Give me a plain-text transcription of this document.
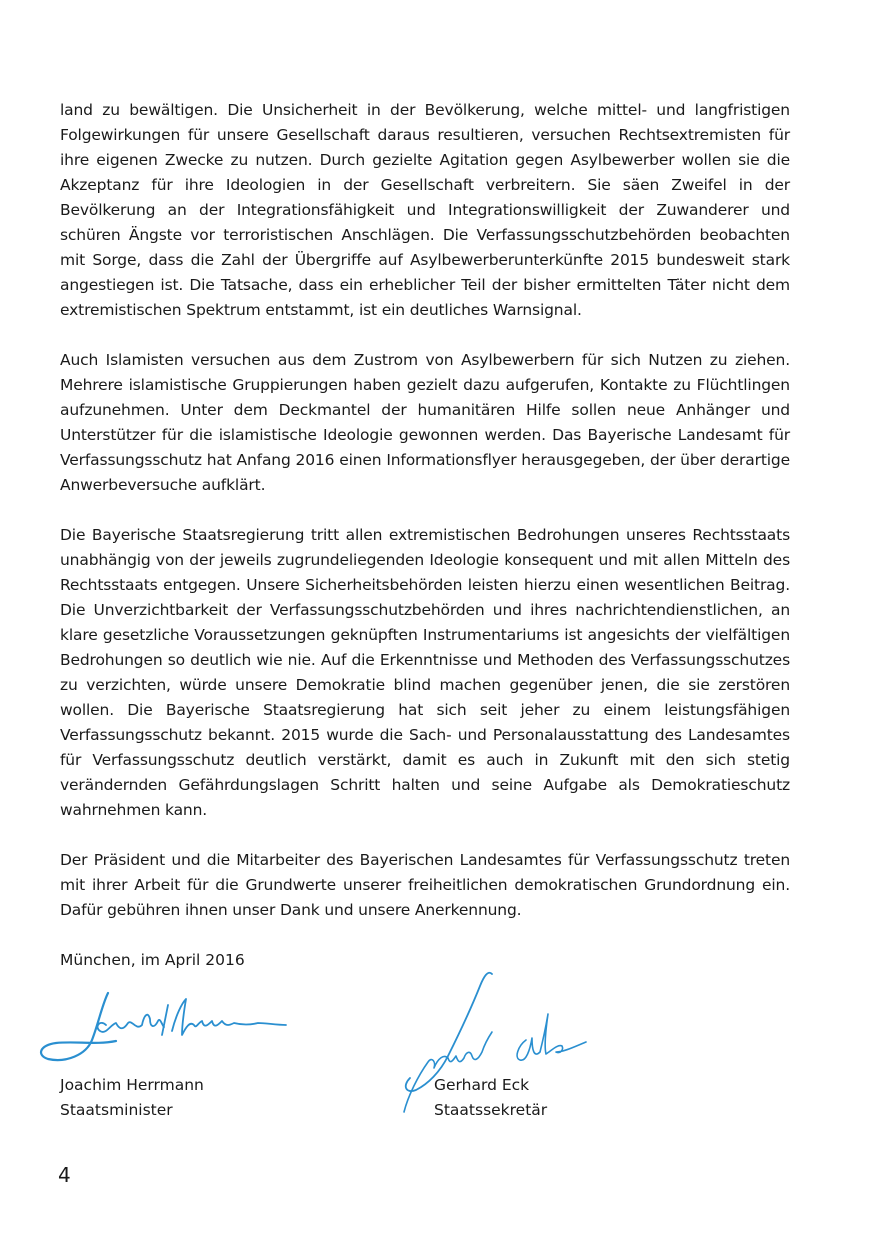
land zu bewältigen. Die Unsicherheit in der Bevölkerung, welche mittel- und langfristigen Folgewirkungen für unsere Gesellschaft daraus resultieren, versuchen Rechtsextremisten für ihre eigenen Zwecke zu nutzen. Durch gezielte Agitation gegen Asylbewerber wollen sie die Akzeptanz für ihre Ideologien in der Gesellschaft verbreitern. Sie säen Zweifel in der Bevölkerung an der Integrationsfähigkeit und Integrationswilligkeit der Zuwanderer und schüren Ängste vor terroristischen Anschlägen. Die Verfassungsschutzbehörden beobachten mit Sorge, dass die Zahl der Übergriffe auf Asylbewerberunterkünfte 2015 bundesweit stark angestiegen ist. Die Tatsache, dass ein erheblicher Teil der bisher ermittelten Täter nicht dem extremistischen Spektrum entstammt, ist ein deutliches Warnsignal.

Auch Islamisten versuchen aus dem Zustrom von Asylbewerbern für sich Nutzen zu ziehen. Mehrere islamistische Gruppierungen haben gezielt dazu aufgerufen, Kontakte zu Flüchtlingen aufzunehmen. Unter dem Deckmantel der humanitären Hilfe sollen neue Anhänger und Unterstützer für die islamistische Ideologie gewonnen werden. Das Bayerische Landesamt für Verfassungsschutz hat Anfang 2016 einen Informationsflyer herausgegeben, der über derartige Anwerbeversuche aufklärt.

Die Bayerische Staatsregierung tritt allen extremistischen Bedrohungen unseres Rechtsstaats unabhängig von der jeweils zugrundeliegenden Ideologie konsequent und mit allen Mitteln des Rechtsstaats entgegen. Unsere Sicherheitsbehörden leisten hierzu einen wesentlichen Beitrag. Die Unverzichtbarkeit der Verfassungsschutzbehörden und ihres nachrichtendienstlichen, an klare gesetzliche Voraussetzungen geknüpften Instrumentariums ist angesichts der vielfältigen Bedrohungen so deutlich wie nie. Auf die Erkenntnisse und Methoden des Verfassungsschutzes zu verzichten, würde unsere Demokratie blind machen gegenüber jenen, die sie zerstören wollen. Die Bayerische Staatsregierung hat sich seit jeher zu einem leistungsfähigen Verfassungsschutz bekannt. 2015 wurde die Sach- und Personalausstattung des Landesamtes für Verfassungsschutz deutlich verstärkt, damit es auch in Zukunft mit den sich stetig verändernden Gefährdungslagen Schritt halten und seine Aufgabe als Demokratieschutz wahrnehmen kann.

Der Präsident und die Mitarbeiter des Bayerischen Landesamtes für Verfassungsschutz treten mit ihrer Arbeit für die Grundwerte unserer freiheitlichen demokratischen Grundordnung ein. Dafür gebühren ihnen unser Dank und unsere Anerkennung.

München, im April 2016
Joachim Herrmann
Staatsminister
Gerhard Eck
Staatssekretär
4
